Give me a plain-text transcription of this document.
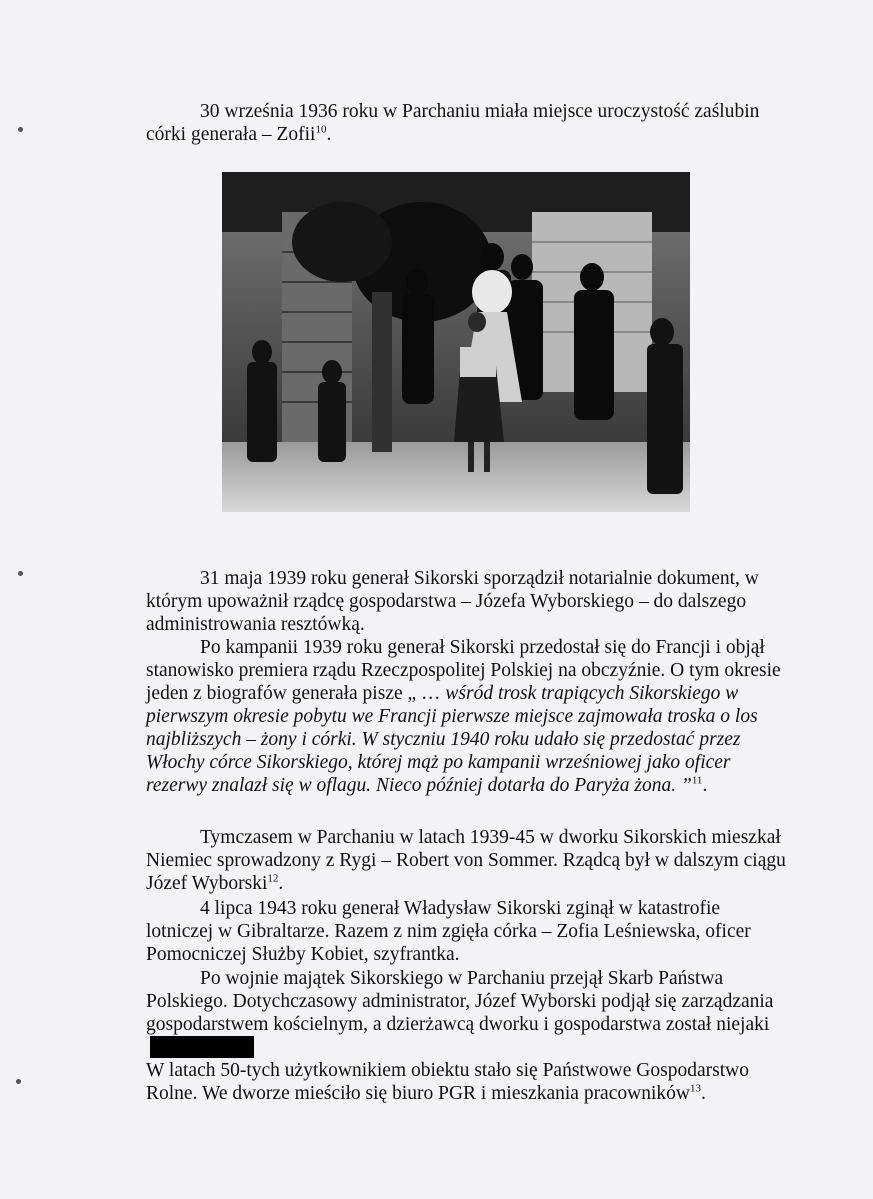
30 września 1936 roku w Parchaniu miała miejsce uroczystość zaślubin córki generała – Zofii$^{10}$.

31 maja 1939 roku generał Sikorski sporządził notarialnie dokument, w którym upoważnił rządcę gospodarstwa – Józefa Wyborskiego – do dalszego administrowania resztówką.

Po kampanii 1939 roku generał Sikorski przedostał się do Francji i objął stanowisko premiera rządu Rzeczpospolitej Polskiej na obczyźnie. O tym okresie jeden z biografów generała pisze „ … wśród trosk trapiących Sikorskiego w pierwszym okresie pobytu we Francji pierwsze miejsce zajmowała troska o los najbliższych – żony i córki. W styczniu 1940 roku udało się przedostać przez Włochy córce Sikorskiego, której mąż po kampanii wrześniowej jako oficer rezerwy znalazł się w oflagu. Nieco później dotarła do Paryża żona. ”$^{11}$.

Tymczasem w Parchaniu w latach 1939-45 w dworku Sikorskich mieszkał Niemiec sprowadzony z Rygi – Robert von Sommer. Rządcą był w dalszym ciągu Józef Wyborski$^{12}$.

4 lipca 1943 roku generał Władysław Sikorski zginął w katastrofie lotniczej w Gibraltarze. Razem z nim zgięła córka – Zofia Leśniewska, oficer Pomocniczej Służby Kobiet, szyfrantka.

Po wojnie majątek Sikorskiego w Parchaniu przejął Skarb Państwa Polskiego. Dotychczasowy administrator, Józef Wyborski podjął się zarządzania gospodarstwem kościelnym, a dzierżawcą dworku i gospodarstwa został niejaki

W latach 50-tych użytkownikiem obiektu stało się Państwowe Gospodarstwo Rolne. We dworze mieściło się biuro PGR i mieszkania pracowników$^{13}$.
